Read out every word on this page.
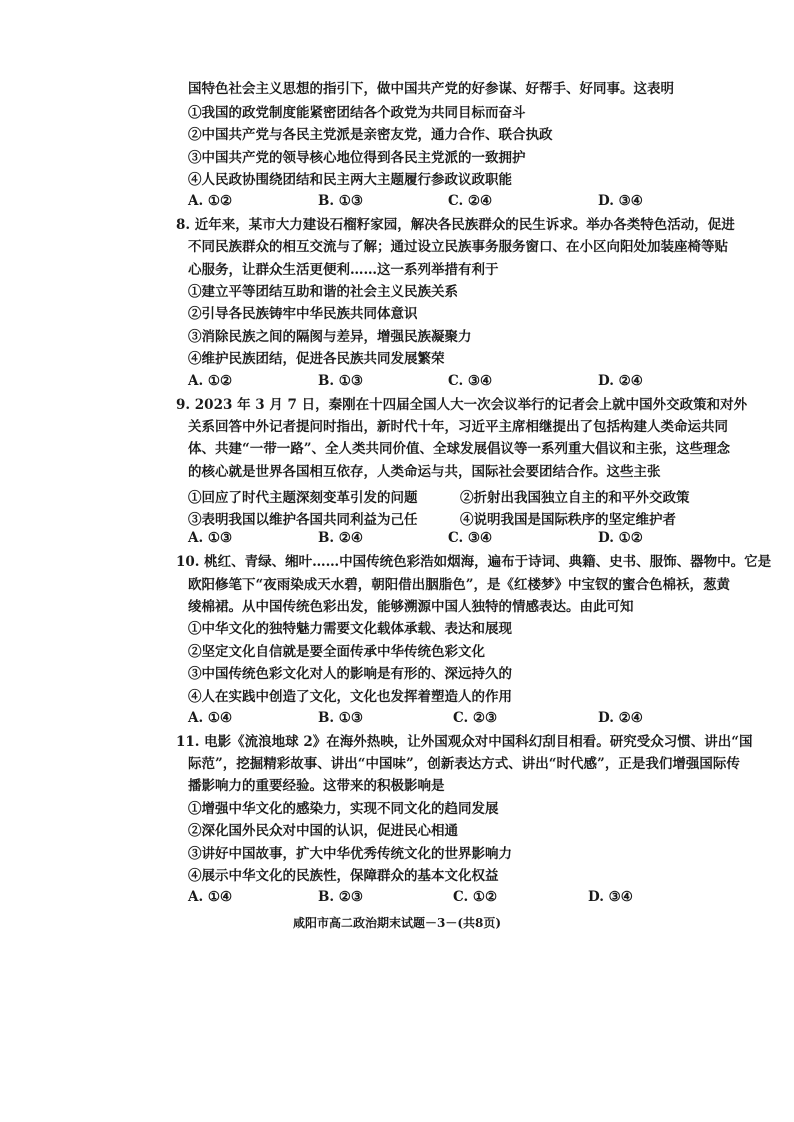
国特色社会主义思想的指引下，做中国共产党的好参谋、好帮手、好同事。这表明
①我国的政党制度能紧密团结各个政党为共同目标而奋斗
②中国共产党与各民主党派是亲密友党，通力合作、联合执政
③中国共产党的领导核心地位得到各民主党派的一致拥护
④人民政协围绕团结和民主两大主题履行参政议政职能
A. ①②	B. ①③	C. ②④	D. ③④
8. 近年来，某市大力建设石榴籽家园，解决各民族群众的民生诉求。举办各类特色活动，促进
不同民族群众的相互交流与了解；通过设立民族事务服务窗口、在小区向阳处加装座椅等贴
心服务，让群众生活更便利……这一系列举措有利于
①建立平等团结互助和谐的社会主义民族关系
②引导各民族铸牢中华民族共同体意识
③消除民族之间的隔阂与差异，增强民族凝聚力
④维护民族团结，促进各民族共同发展繁荣
A. ①②	B. ①③	C. ③④	D. ②④
9. 2023 年 3 月 7 日，秦刚在十四届全国人大一次会议举行的记者会上就中国外交政策和对外
关系回答中外记者提问时指出，新时代十年，习近平主席相继提出了包括构建人类命运共同
体、共建“一带一路”、全人类共同价值、全球发展倡议等一系列重大倡议和主张，这些理念
的核心就是世界各国相互依存，人类命运与共，国际社会要团结合作。这些主张
①回应了时代主题深刻变革引发的问题	②折射出我国独立自主的和平外交政策
③表明我国以维护各国共同利益为己任	④说明我国是国际秩序的坚定维护者
A. ①③	B. ②④	C. ③④	D. ①②
10. 桃红、青绿、缃叶……中国传统色彩浩如烟海，遍布于诗词、典籍、史书、服饰、器物中。它是
欧阳修笔下“夜雨染成天水碧，朝阳借出胭脂色”，是《红楼梦》中宝钗的蜜合色棉袄，葱黄
绫棉裙。从中国传统色彩出发，能够溯源中国人独特的情感表达。由此可知
①中华文化的独特魅力需要文化载体承载、表达和展现
②坚定文化自信就是要全面传承中华传统色彩文化
③中国传统色彩文化对人的影响是有形的、深远持久的
④人在实践中创造了文化，文化也发挥着塑造人的作用
A. ①④	B. ①③	C. ②③	D. ②④
11. 电影《流浪地球 2》在海外热映，让外国观众对中国科幻刮目相看。研究受众习惯、讲出“国
际范”，挖掘精彩故事、讲出“中国味”，创新表达方式、讲出“时代感”，正是我们增强国际传
播影响力的重要经验。这带来的积极影响是
①增强中华文化的感染力，实现不同文化的趋同发展
②深化国外民众对中国的认识，促进民心相通
③讲好中国故事，扩大中华优秀传统文化的世界影响力
④展示中华文化的民族性，保障群众的基本文化权益
A. ①④	B. ②③	C. ①②	D. ③④
咸阳市高二政治期末试题－3－(共8页)
